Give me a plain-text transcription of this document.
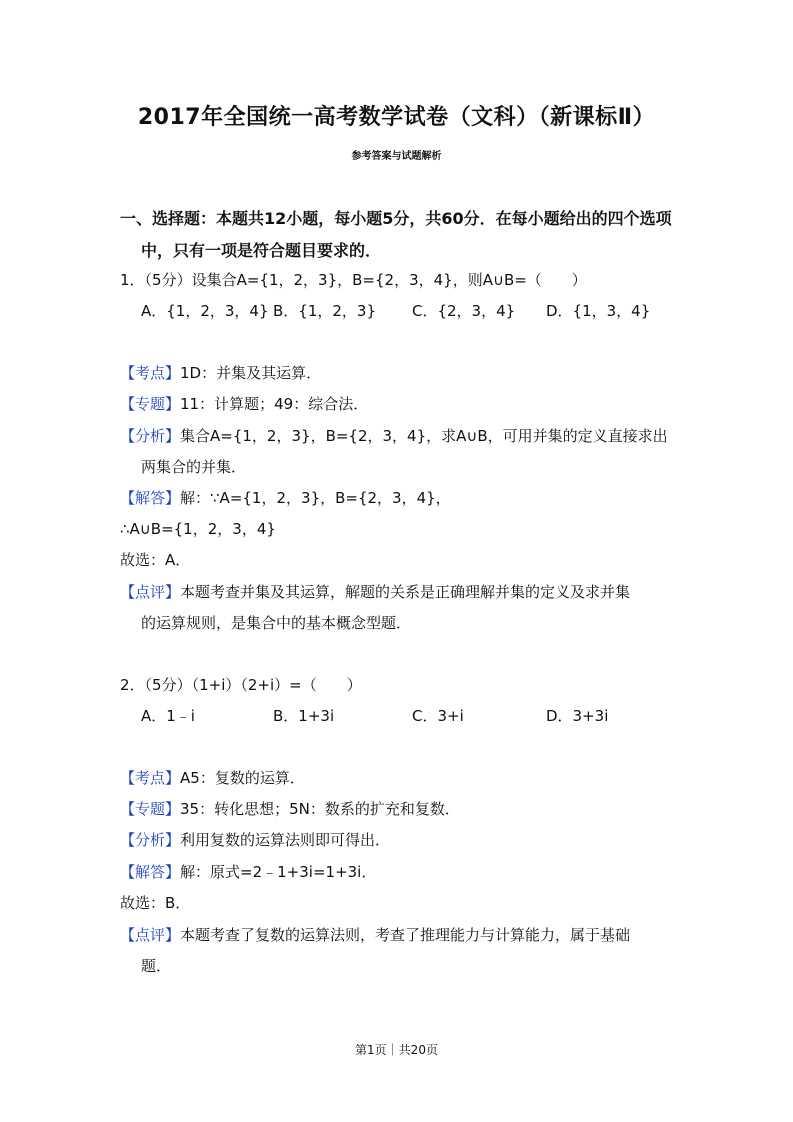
2017年全国统一高考数学试卷（文科）（新课标Ⅱ）
参考答案与试题解析
一、选择题：本题共12小题，每小题5分，共60分．在每小题给出的四个选项
中，只有一项是符合题目要求的．
1．（5分）设集合A={1，2，3}，B={2，3，4}，则A∪B=（　　）
A．{1，2，3，4} B．{1，2，3} C．{2，3，4} D．{1，3，4}
【考点】1D：并集及其运算．
【专题】11：计算题；49：综合法．
【分析】集合A={1，2，3}，B={2，3，4}，求A∪B，可用并集的定义直接求出
两集合的并集．
【解答】解：∵A={1，2，3}，B={2，3，4}，
∴A∪B={1，2，3，4}
故选：A．
【点评】本题考查并集及其运算，解题的关系是正确理解并集的定义及求并集
的运算规则，是集合中的基本概念型题．
2．（5分）（1+i）（2+i）=（　　）
A．1﹣i	B．1+3i	C．3+i	D．3+3i
【考点】A5：复数的运算．
【专题】35：转化思想；5N：数系的扩充和复数．
【分析】利用复数的运算法则即可得出．
【解答】解：原式=2﹣1+3i=1+3i．
故选：B．
【点评】本题考查了复数的运算法则，考查了推理能力与计算能力，属于基础
题．
第1页｜共20页
